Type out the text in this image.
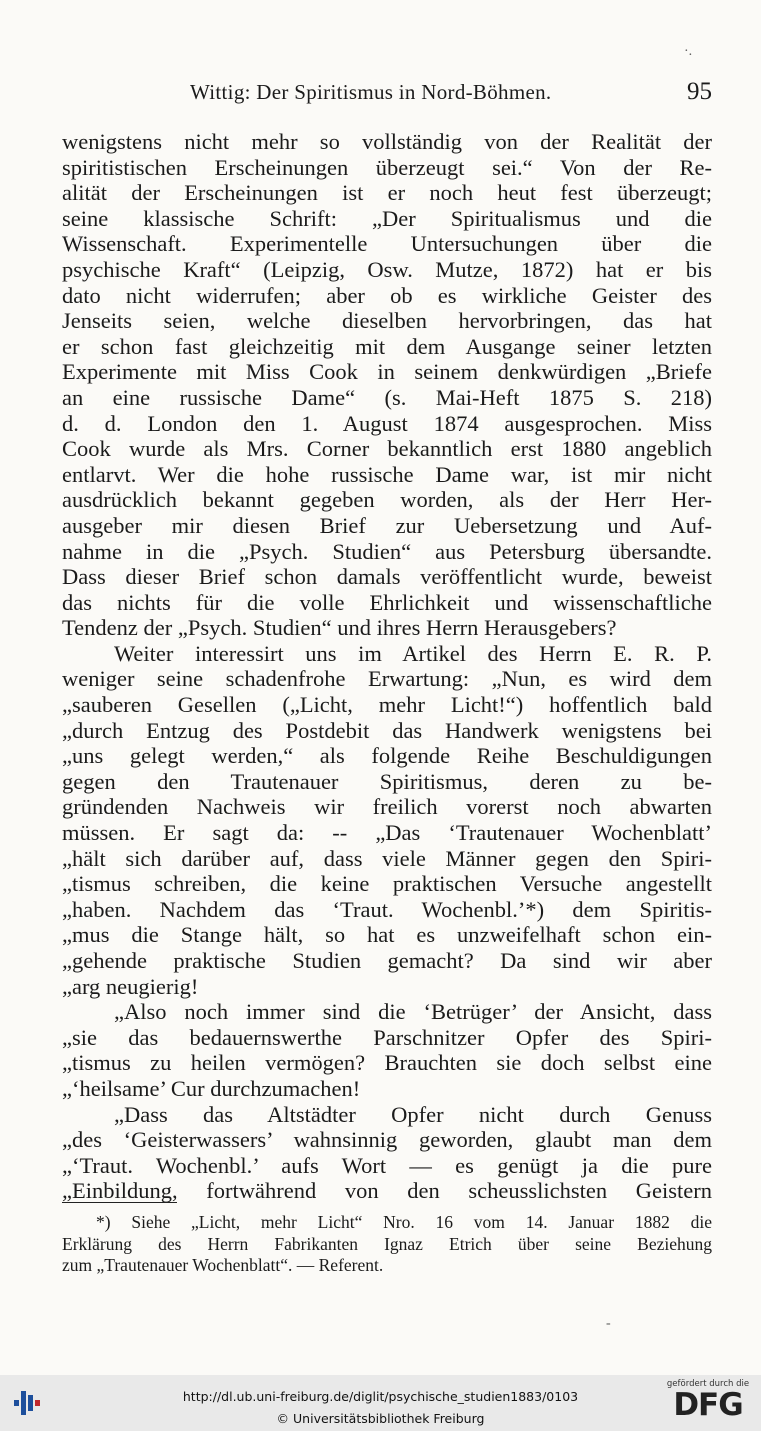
·.
Wittig: Der Spiritismus in Nord-Böhmen.	95
wenigstens nicht mehr so vollständig von der Realität der
spiritistischen Erscheinungen überzeugt sei.“ Von der Re-
alität der Erscheinungen ist er noch heut fest überzeugt;
seine klassische Schrift: „Der Spiritualismus und die
Wissenschaft. Experimentelle Untersuchungen über die
psychische Kraft“ (Leipzig, Osw. Mutze, 1872) hat er bis
dato nicht widerrufen; aber ob es wirkliche Geister des
Jenseits seien, welche dieselben hervorbringen, das hat
er schon fast gleichzeitig mit dem Ausgange seiner letzten
Experimente mit Miss Cook in seinem denkwürdigen „Briefe
an eine russische Dame“ (s. Mai-Heft 1875 S. 218)
d. d. London den 1. August 1874 ausgesprochen. Miss
Cook wurde als Mrs. Corner bekanntlich erst 1880 angeblich
entlarvt. Wer die hohe russische Dame war, ist mir nicht
ausdrücklich bekannt gegeben worden, als der Herr Her-
ausgeber mir diesen Brief zur Uebersetzung und Auf-
nahme in die „Psych. Studien“ aus Petersburg übersandte.
Dass dieser Brief schon damals veröffentlicht wurde, beweist
das nichts für die volle Ehrlichkeit und wissenschaftliche
Tendenz der „Psych. Studien“ und ihres Herrn Herausgebers?
Weiter interessirt uns im Artikel des Herrn E. R. P.
weniger seine schadenfrohe Erwartung: „Nun, es wird dem
„sauberen Gesellen („Licht, mehr Licht!“) hoffentlich bald
„durch Entzug des Postdebit das Handwerk wenigstens bei
„uns gelegt werden,“ als folgende Reihe Beschuldigungen
gegen den Trautenauer Spiritismus, deren zu be-
gründenden Nachweis wir freilich vorerst noch abwarten
müssen. Er sagt da: -- „Das ‘Trautenauer Wochenblatt’
„hält sich darüber auf, dass viele Männer gegen den Spiri-
„tismus schreiben, die keine praktischen Versuche angestellt
„haben. Nachdem das ‘Traut. Wochenbl.’*) dem Spiritis-
„mus die Stange hält, so hat es unzweifelhaft schon ein-
„gehende praktische Studien gemacht? Da sind wir aber
„arg neugierig!
„Also noch immer sind die ‘Betrüger’ der Ansicht, dass
„sie das bedauernswerthe Parschnitzer Opfer des Spiri-
„tismus zu heilen vermögen? Brauchten sie doch selbst eine
„‘heilsame’ Cur durchzumachen!
„Dass das Altstädter Opfer nicht durch Genuss
„des ‘Geisterwassers’ wahnsinnig geworden, glaubt man dem
„‘Traut. Wochenbl.’ aufs Wort — es genügt ja die pure
„Einbildung, fortwährend von den scheusslichsten Geistern
*) Siehe „Licht, mehr Licht“ Nro. 16 vom 14. Januar 1882 die
Erklärung des Herrn Fabrikanten Ignaz Etrich über seine Beziehung
zum „Trautenauer Wochenblatt“. — Referent.
-
http://dl.ub.uni-freiburg.de/diglit/psychische_studien1883/0103
© Universitätsbibliothek Freiburg
gefördert durch die
DFG
